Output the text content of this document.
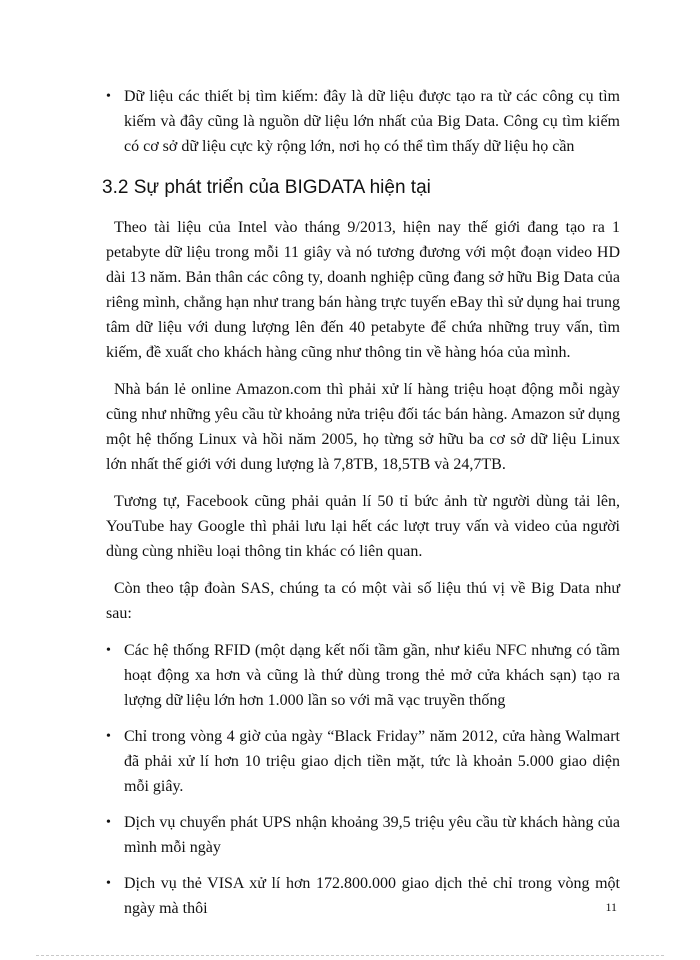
• Dữ liệu các thiết bị tìm kiếm: đây là dữ liệu được tạo ra từ các công cụ tìm kiếm và đây cũng là nguồn dữ liệu lớn nhất của Big Data. Công cụ tìm kiếm có cơ sở dữ liệu cực kỳ rộng lớn, nơi họ có thể tìm thấy dữ liệu họ cần
3.2 Sự phát triển của BIGDATA hiện tại

Theo tài liệu của Intel vào tháng 9/2013, hiện nay thế giới đang tạo ra 1 petabyte dữ liệu trong mỗi 11 giây và nó tương đương với một đoạn video HD dài 13 năm. Bản thân các công ty, doanh nghiệp cũng đang sở hữu Big Data của riêng mình, chẳng hạn như trang bán hàng trực tuyến eBay thì sử dụng hai trung tâm dữ liệu với dung lượng lên đến 40 petabyte để chứa những truy vấn, tìm kiếm, đề xuất cho khách hàng cũng như thông tin về hàng hóa của mình.

Nhà bán lẻ online Amazon.com thì phải xử lí hàng triệu hoạt động mỗi ngày cũng như những yêu cầu từ khoảng nửa triệu đối tác bán hàng. Amazon sử dụng một hệ thống Linux và hồi năm 2005, họ từng sở hữu ba cơ sở dữ liệu Linux lớn nhất thế giới với dung lượng là 7,8TB, 18,5TB và 24,7TB.

Tương tự, Facebook cũng phải quản lí 50 tỉ bức ảnh từ người dùng tải lên, YouTube hay Google thì phải lưu lại hết các lượt truy vấn và video của người dùng cùng nhiều loại thông tin khác có liên quan.

Còn theo tập đoàn SAS, chúng ta có một vài số liệu thú vị về Big Data như sau:

• Các hệ thống RFID (một dạng kết nối tầm gần, như kiểu NFC nhưng có tầm hoạt động xa hơn và cũng là thứ dùng trong thẻ mở cửa khách sạn) tạo ra lượng dữ liệu lớn hơn 1.000 lần so với mã vạc truyền thống
• Chỉ trong vòng 4 giờ của ngày “Black Friday” năm 2012, cửa hàng Walmart đã phải xử lí hơn 10 triệu giao dịch tiền mặt, tức là khoản 5.000 giao diện mỗi giây.
• Dịch vụ chuyển phát UPS nhận khoảng 39,5 triệu yêu cầu từ khách hàng của mình mỗi ngày
• Dịch vụ thẻ VISA xử lí hơn 172.800.000 giao dịch thẻ chỉ trong vòng một ngày mà thôi	11
